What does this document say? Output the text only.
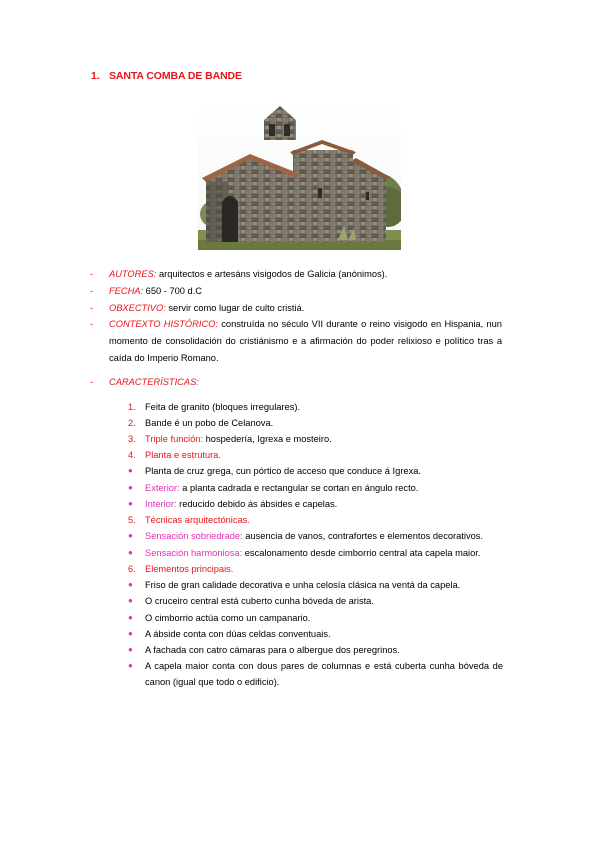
1. SANTA COMBA DE BANDE
- AUTORES: arquitectos e artesáns visigodos de Galicia (anónimos).
- FECHA: 650 - 700 d.C
- OBXECTIVO: servir como lugar de culto cristiá.
- CONTEXTO HISTÓRICO: construída no século VII durante o reino visigodo en Hispania, nun momento de consolidación do cristiánismo e a afirmación do poder relixioso e político tras a caída do Imperio Romano.
- CARACTERÍSTICAS:
1. Feita de granito (bloques irregulares).
2. Bande é un pobo de Celanova.
3. Triple función: hospedería, Igrexa e mosteiro.
4. Planta e estrutura.
●	Planta de cruz grega, cun pórtico de acceso que conduce á Igrexa.
●	Exterior: a planta cadrada e rectangular se cortan en ángulo recto.
●	Interior: reducido debido ás ábsides e capelas.
5. Técnicas arquitectónicas.
●	Sensación sobriedrade: ausencia de vanos, contrafortes e elementos decorativos.
●	Sensación harmoniosa: escalonamento desde cimborrio central ata capela maior.
6. Elementos principais.
●	Friso de gran calidade decorativa e unha celosía clásica na ventá da capela.
●	O cruceiro central está cuberto cunha bóveda de arista.
●	O cimborrio actúa como un campanario.
●	A ábside conta con dúas celdas conventuais.
●	A fachada con catro cámaras para o albergue dos peregrinos.
●	A capela maior conta con dous pares de columnas e está cuberta cunha bóveda de canon (igual que todo o edificio).
